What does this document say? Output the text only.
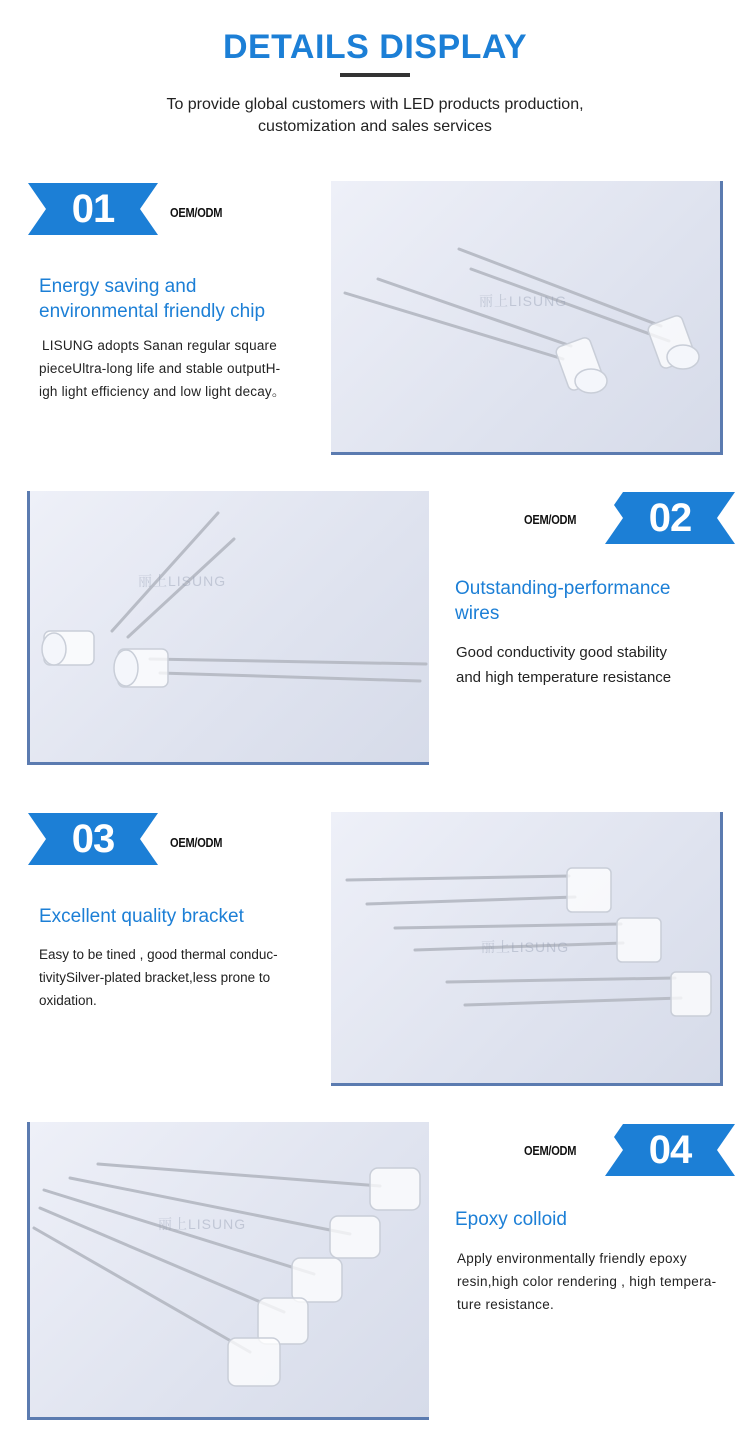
DETAILS DISPLAY
To provide global customers with LED products production,
customization and sales services
01	OEM/ODM
Energy saving and
environmental friendly chip
LISUNG adopts Sanan regular square
pieceUltra-long life and stable outputH-
igh light efficiency and low light decay。
丽上LISUNG
丽上LISUNG
OEM/ODM	02
Outstanding-performance
wires
Good conductivity good stability
and high temperature resistance
03	OEM/ODM
Excellent quality bracket
Easy to be tined , good thermal conduc-
tivitySilver-plated bracket,less prone to
oxidation.
丽上LISUNG
丽上LISUNG
OEM/ODM	04
Epoxy colloid
Apply environmentally friendly epoxy
resin,high color rendering , high tempera-
ture resistance.
